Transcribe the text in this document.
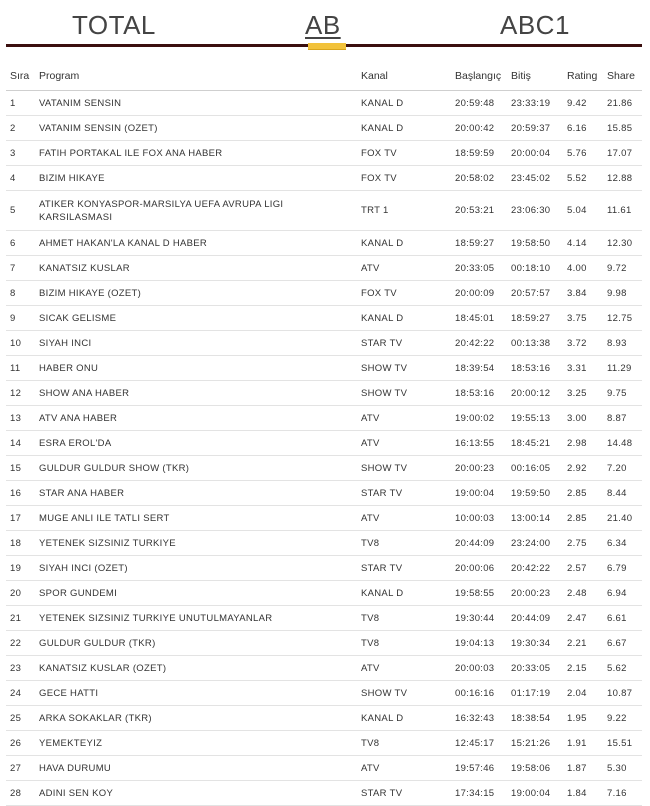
TOTAL	AB	ABC1
Sıra	Program	Kanal	Başlangıç	Bitiş	Rating	Share
1	VATANIM SENSIN	KANAL D	20:59:48	23:33:19	9.42	21.86
2	VATANIM SENSIN (OZET)	KANAL D	20:00:42	20:59:37	6.16	15.85
3	FATIH PORTAKAL ILE FOX ANA HABER	FOX TV	18:59:59	20:00:04	5.76	17.07
4	BIZIM HIKAYE	FOX TV	20:58:02	23:45:02	5.52	12.88
5	ATIKER KONYASPOR-MARSILYA UEFA AVRUPA LIGI KARSILASMASI	TRT 1	20:53:21	23:06:30	5.04	11.61
6	AHMET HAKAN'LA KANAL D HABER	KANAL D	18:59:27	19:58:50	4.14	12.30
7	KANATSIZ KUSLAR	ATV	20:33:05	00:18:10	4.00	9.72
8	BIZIM HIKAYE (OZET)	FOX TV	20:00:09	20:57:57	3.84	9.98
9	SICAK GELISME	KANAL D	18:45:01	18:59:27	3.75	12.75
10	SIYAH INCI	STAR TV	20:42:22	00:13:38	3.72	8.93
11	HABER ONU	SHOW TV	18:39:54	18:53:16	3.31	11.29
12	SHOW ANA HABER	SHOW TV	18:53:16	20:00:12	3.25	9.75
13	ATV ANA HABER	ATV	19:00:02	19:55:13	3.00	8.87
14	ESRA EROL'DA	ATV	16:13:55	18:45:21	2.98	14.48
15	GULDUR GULDUR SHOW (TKR)	SHOW TV	20:00:23	00:16:05	2.92	7.20
16	STAR ANA HABER	STAR TV	19:00:04	19:59:50	2.85	8.44
17	MUGE ANLI ILE TATLI SERT	ATV	10:00:03	13:00:14	2.85	21.40
18	YETENEK SIZSINIZ TURKIYE	TV8	20:44:09	23:24:00	2.75	6.34
19	SIYAH INCI (OZET)	STAR TV	20:00:06	20:42:22	2.57	6.79
20	SPOR GUNDEMI	KANAL D	19:58:55	20:00:23	2.48	6.94
21	YETENEK SIZSINIZ TURKIYE UNUTULMAYANLAR	TV8	19:30:44	20:44:09	2.47	6.61
22	GULDUR GULDUR (TKR)	TV8	19:04:13	19:30:34	2.21	6.67
23	KANATSIZ KUSLAR (OZET)	ATV	20:00:03	20:33:05	2.15	5.62
24	GECE HATTI	SHOW TV	00:16:16	01:17:19	2.04	10.87
25	ARKA SOKAKLAR (TKR)	KANAL D	16:32:43	18:38:54	1.95	9.22
26	YEMEKTEYIZ	TV8	12:45:17	15:21:26	1.91	15.51
27	HAVA DURUMU	ATV	19:57:46	19:58:06	1.87	5.30
28	ADINI SEN KOY	STAR TV	17:34:15	19:00:04	1.84	7.16
